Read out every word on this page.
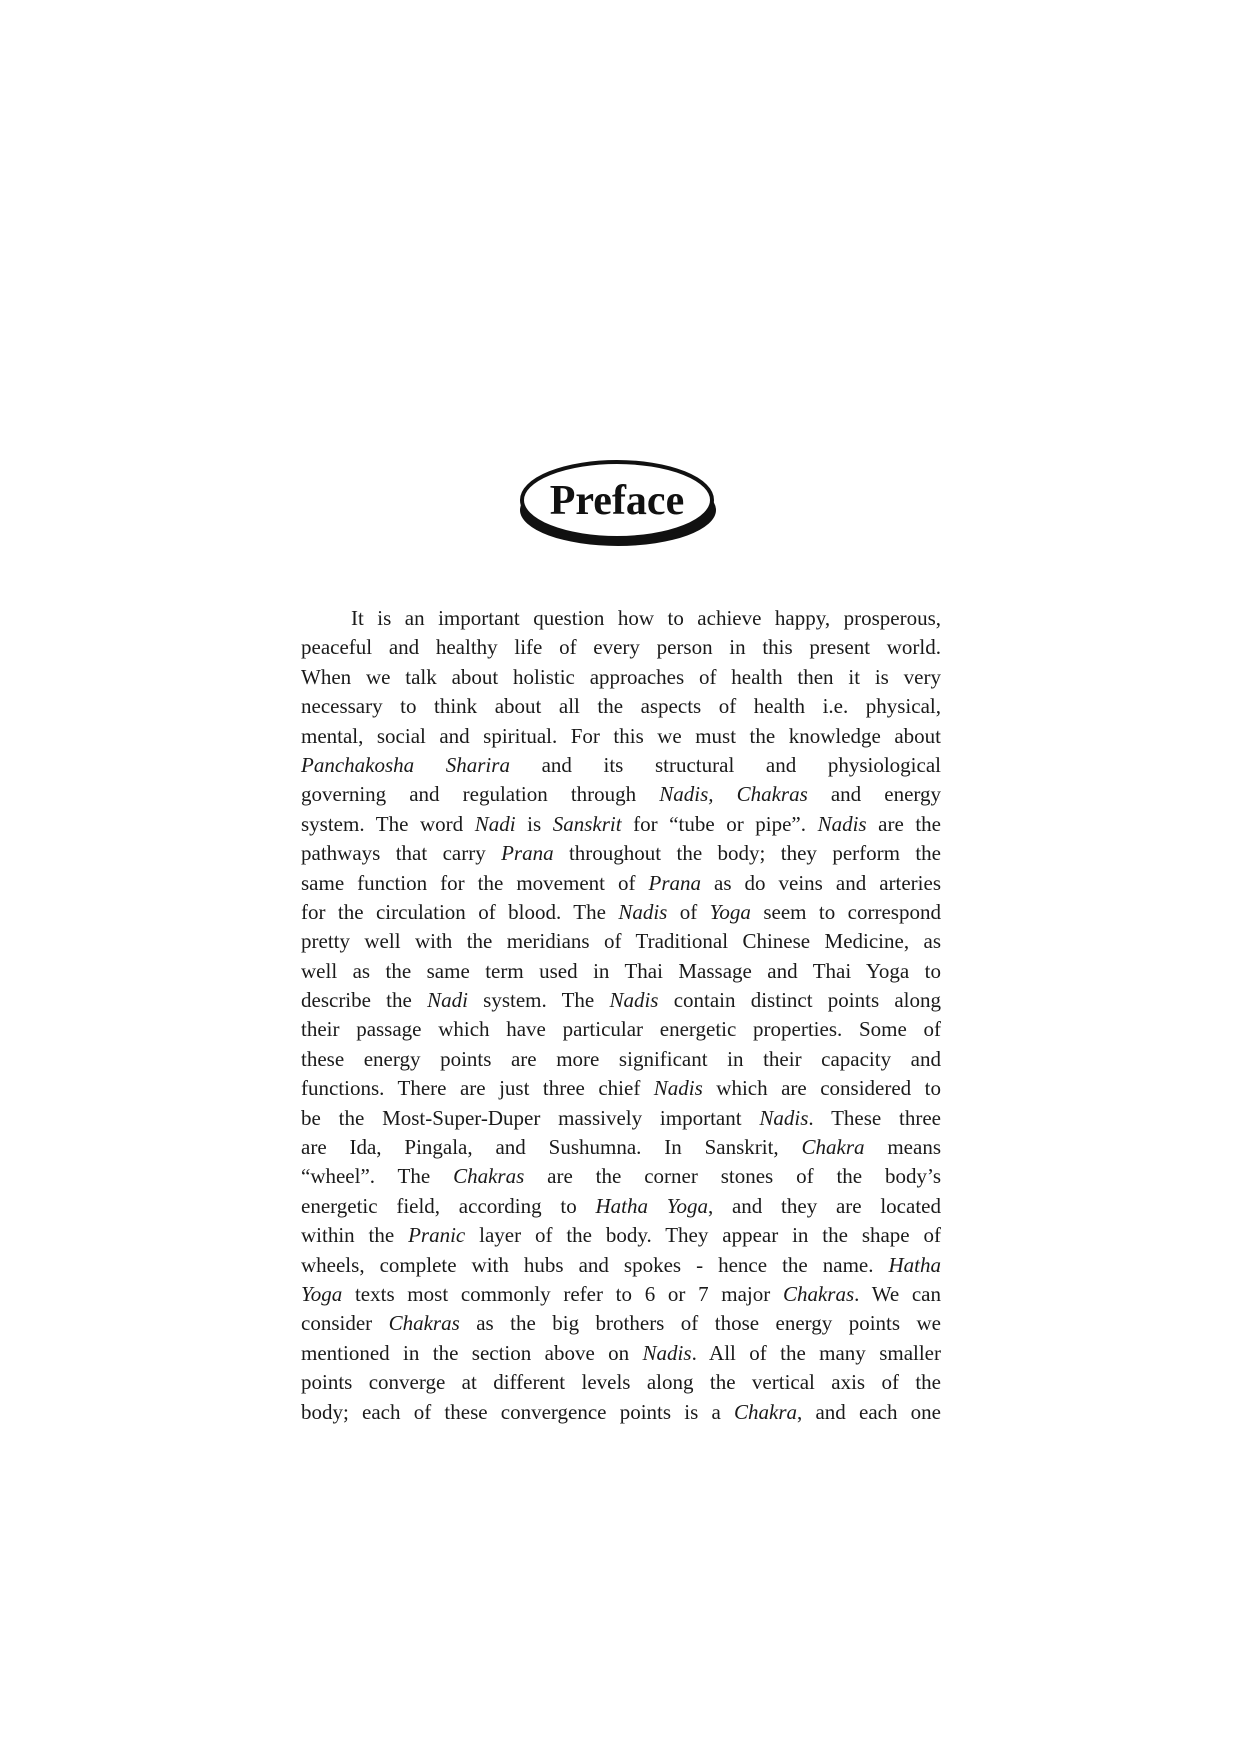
Preface
It is an important question how to achieve happy, prosperous,
peaceful and healthy life of every person in this present world.
When we talk about holistic approaches of health then it is very
necessary to think about all the aspects of health i.e. physical,
mental, social and spiritual. For this we must the knowledge about
Panchakosha Sharira and its structural and physiological
governing and regulation through Nadis, Chakras and energy
system. The word Nadi is Sanskrit for “tube or pipe”. Nadis are the
pathways that carry Prana throughout the body; they perform the
same function for the movement of Prana as do veins and arteries
for the circulation of blood. The Nadis of Yoga seem to correspond
pretty well with the meridians of Traditional Chinese Medicine, as
well as the same term used in Thai Massage and Thai Yoga to
describe the Nadi system. The Nadis contain distinct points along
their passage which have particular energetic properties. Some of
these energy points are more significant in their capacity and
functions. There are just three chief Nadis which are considered to
be the Most-Super-Duper massively important Nadis. These three
are Ida, Pingala, and Sushumna. In Sanskrit, Chakra means
“wheel”. The Chakras are the corner stones of the body’s
energetic field, according to Hatha Yoga, and they are located
within the Pranic layer of the body. They appear in the shape of
wheels, complete with hubs and spokes - hence the name. Hatha
Yoga texts most commonly refer to 6 or 7 major Chakras. We can
consider Chakras as the big brothers of those energy points we
mentioned in the section above on Nadis. All of the many smaller
points converge at different levels along the vertical axis of the
body; each of these convergence points is a Chakra, and each one
